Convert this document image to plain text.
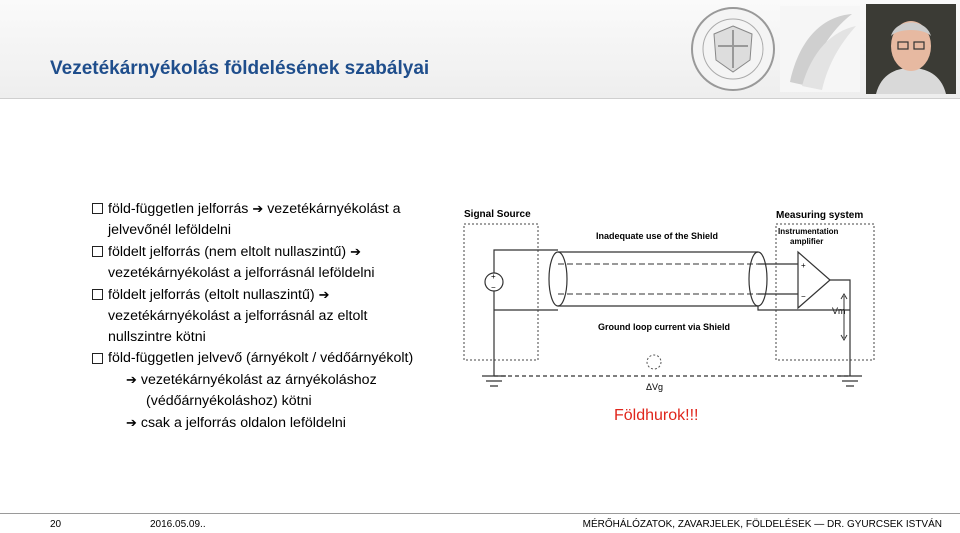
Vezetékárnyékolás földelésének szabályai
föld-független jelforrás ➔ vezetékárnyékolást a
jelvevőnél leföldelni
földelt jelforrás (nem eltolt nullaszintű) ➔
vezetékárnyékolást a jelforrásnál leföldelni
földelt jelforrás (eltolt nullaszintű) ➔
vezetékárnyékolást a jelforrásnál az eltolt
nullszintre kötni
föld-független jelvevő (árnyékolt / védőárnyékolt)
➔ vezetékárnyékolást az árnyékoláshoz
(védőárnyékoláshoz) kötni
➔ csak a jelforrás oldalon leföldelni
Signal Source	Measuring system
Instrumentation
amplifier
+
−
Inadequate use of the Shield
+
−
Vm
Ground loop current via Shield
ΔVg
Földhurok!!!
20	2016.05.09..	MÉRŐHÁLÓZATOK, ZAVARJELEK, FÖLDELÉSEK — DR. GYURCSEK ISTVÁN
